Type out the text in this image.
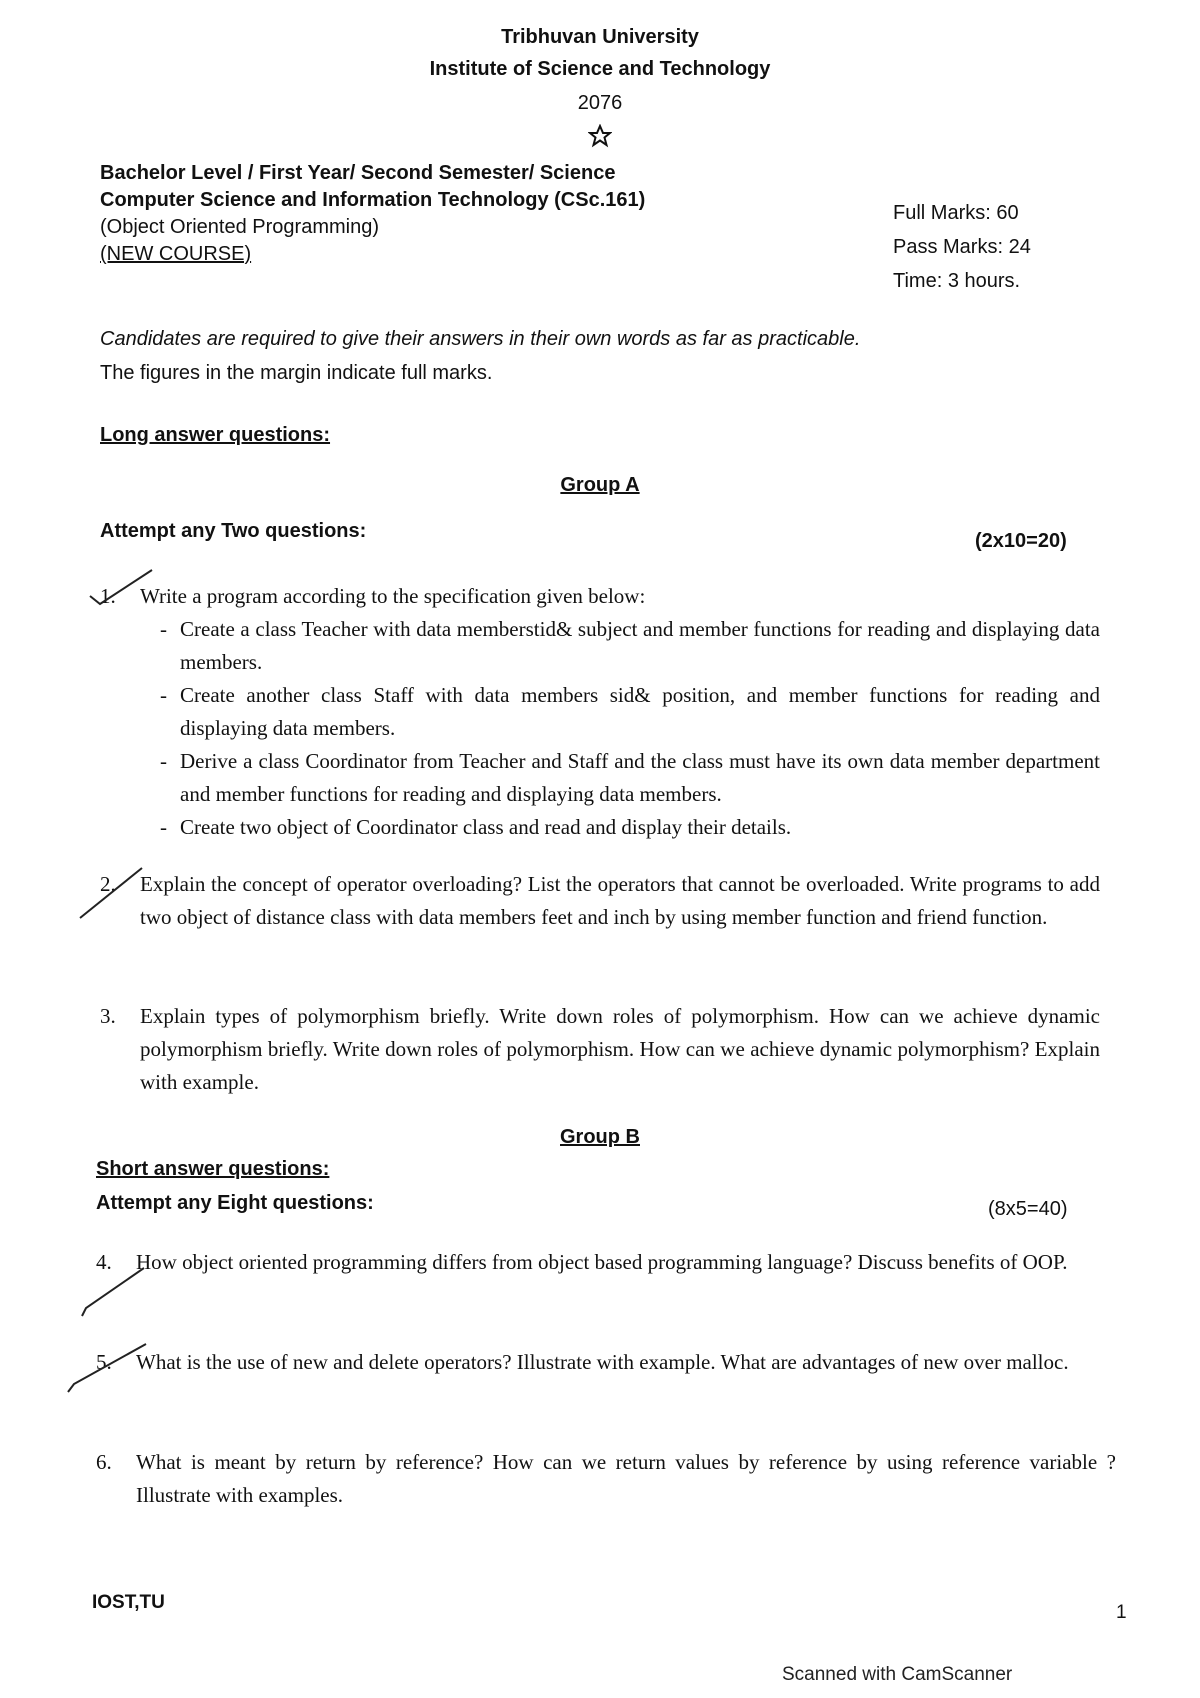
Tribhuvan University
Institute of Science and Technology
2076
Bachelor Level / First Year/ Second Semester/ Science
Computer Science and Information Technology (CSc.161)
(Object Oriented Programming)
(NEW COURSE)
Full Marks: 60
Pass Marks: 24
Time: 3 hours.
Candidates are required to give their answers in their own words as far as practicable.
The figures in the margin indicate full marks.
Long answer questions:
Group A
Attempt any Two questions:	(2x10=20)
1.	Write a program according to the specification given below:
- Create a class Teacher with data memberstid& subject and member functions for reading and displaying data members.
- Create another class Staff with data members sid& position, and member functions for reading and displaying data members.
- Derive a class Coordinator from Teacher and Staff and the class must have its own data member department and member functions for reading and displaying data members.
- Create two object of Coordinator class and read and display their details.
2.	Explain the concept of operator overloading? List the operators that cannot be overloaded. Write programs to add two object of distance class with data members feet and inch by using member function and friend function.
3.	Explain types of polymorphism briefly. Write down roles of polymorphism. How can we achieve dynamic polymorphism briefly. Write down roles of polymorphism. How can we achieve dynamic polymorphism? Explain with example.
Group B
Short answer questions:
Attempt any Eight questions:	(8x5=40)
4.	How object oriented programming differs from object based programming language? Discuss benefits of OOP.
5.	What is the use of new and delete operators? Illustrate with example. What are advantages of new over malloc.
6.	What is meant by return by reference? How can we return values by reference by using reference variable ? Illustrate with examples.
IOST,TU	1
Scanned with CamScanner
